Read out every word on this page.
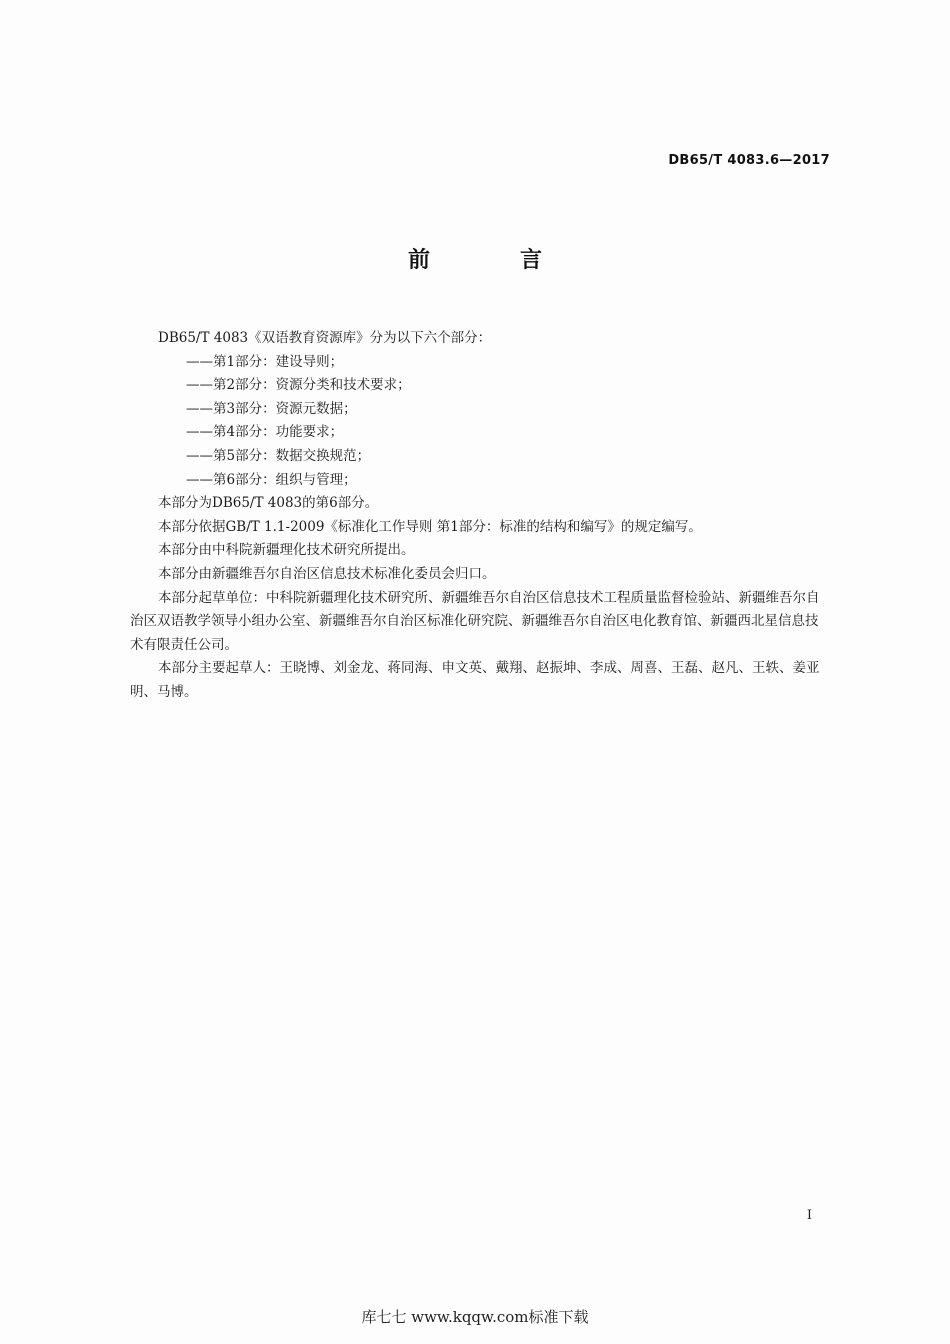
DB65/T 4083.6—2017
前言

DB65/T 4083《双语教育资源库》分为以下六个部分：

——第1部分：建设导则；
——第2部分：资源分类和技术要求；
——第3部分：资源元数据；
——第4部分：功能要求；
——第5部分：数据交换规范；
——第6部分：组织与管理；

本部分为DB65/T 4083的第6部分。

本部分依据GB/T 1.1-2009《标准化工作导则 第1部分：标准的结构和编写》的规定编写。

本部分由中科院新疆理化技术研究所提出。

本部分由新疆维吾尔自治区信息技术标准化委员会归口。

本部分起草单位：中科院新疆理化技术研究所、新疆维吾尔自治区信息技术工程质量监督检验站、新疆维吾尔自治区双语教学领导小组办公室、新疆维吾尔自治区标准化研究院、新疆维吾尔自治区电化教育馆、新疆西北星信息技术有限责任公司。

本部分主要起草人：王晓博、刘金龙、蒋同海、申文英、戴翔、赵振坤、李成、周喜、王磊、赵凡、王轶、姜亚明、马博。

I
库七七 www.kqqw.com标准下载
